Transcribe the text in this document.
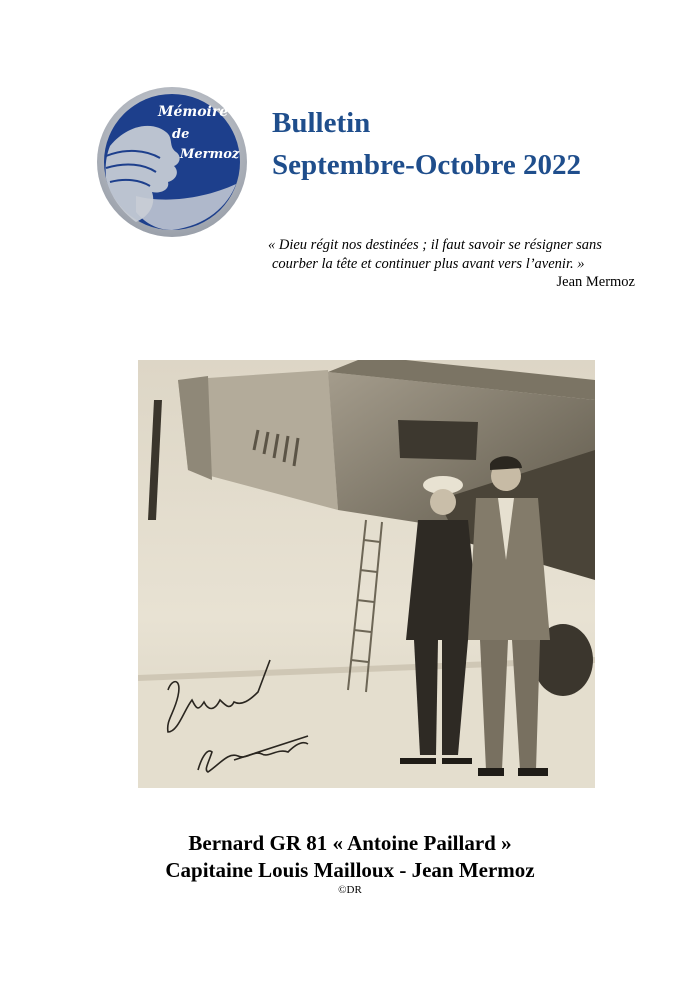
Mémoire
de
Mermoz
Bulletin
Septembre-Octobre 2022
« Dieu régit nos destinées ; il faut savoir se résigner sans
courber la tête et continuer plus avant vers l’avenir. »
Jean Mermoz
Bernard GR 81 « Antoine Paillard »
Capitaine Louis Mailloux - Jean Mermoz
©DR
